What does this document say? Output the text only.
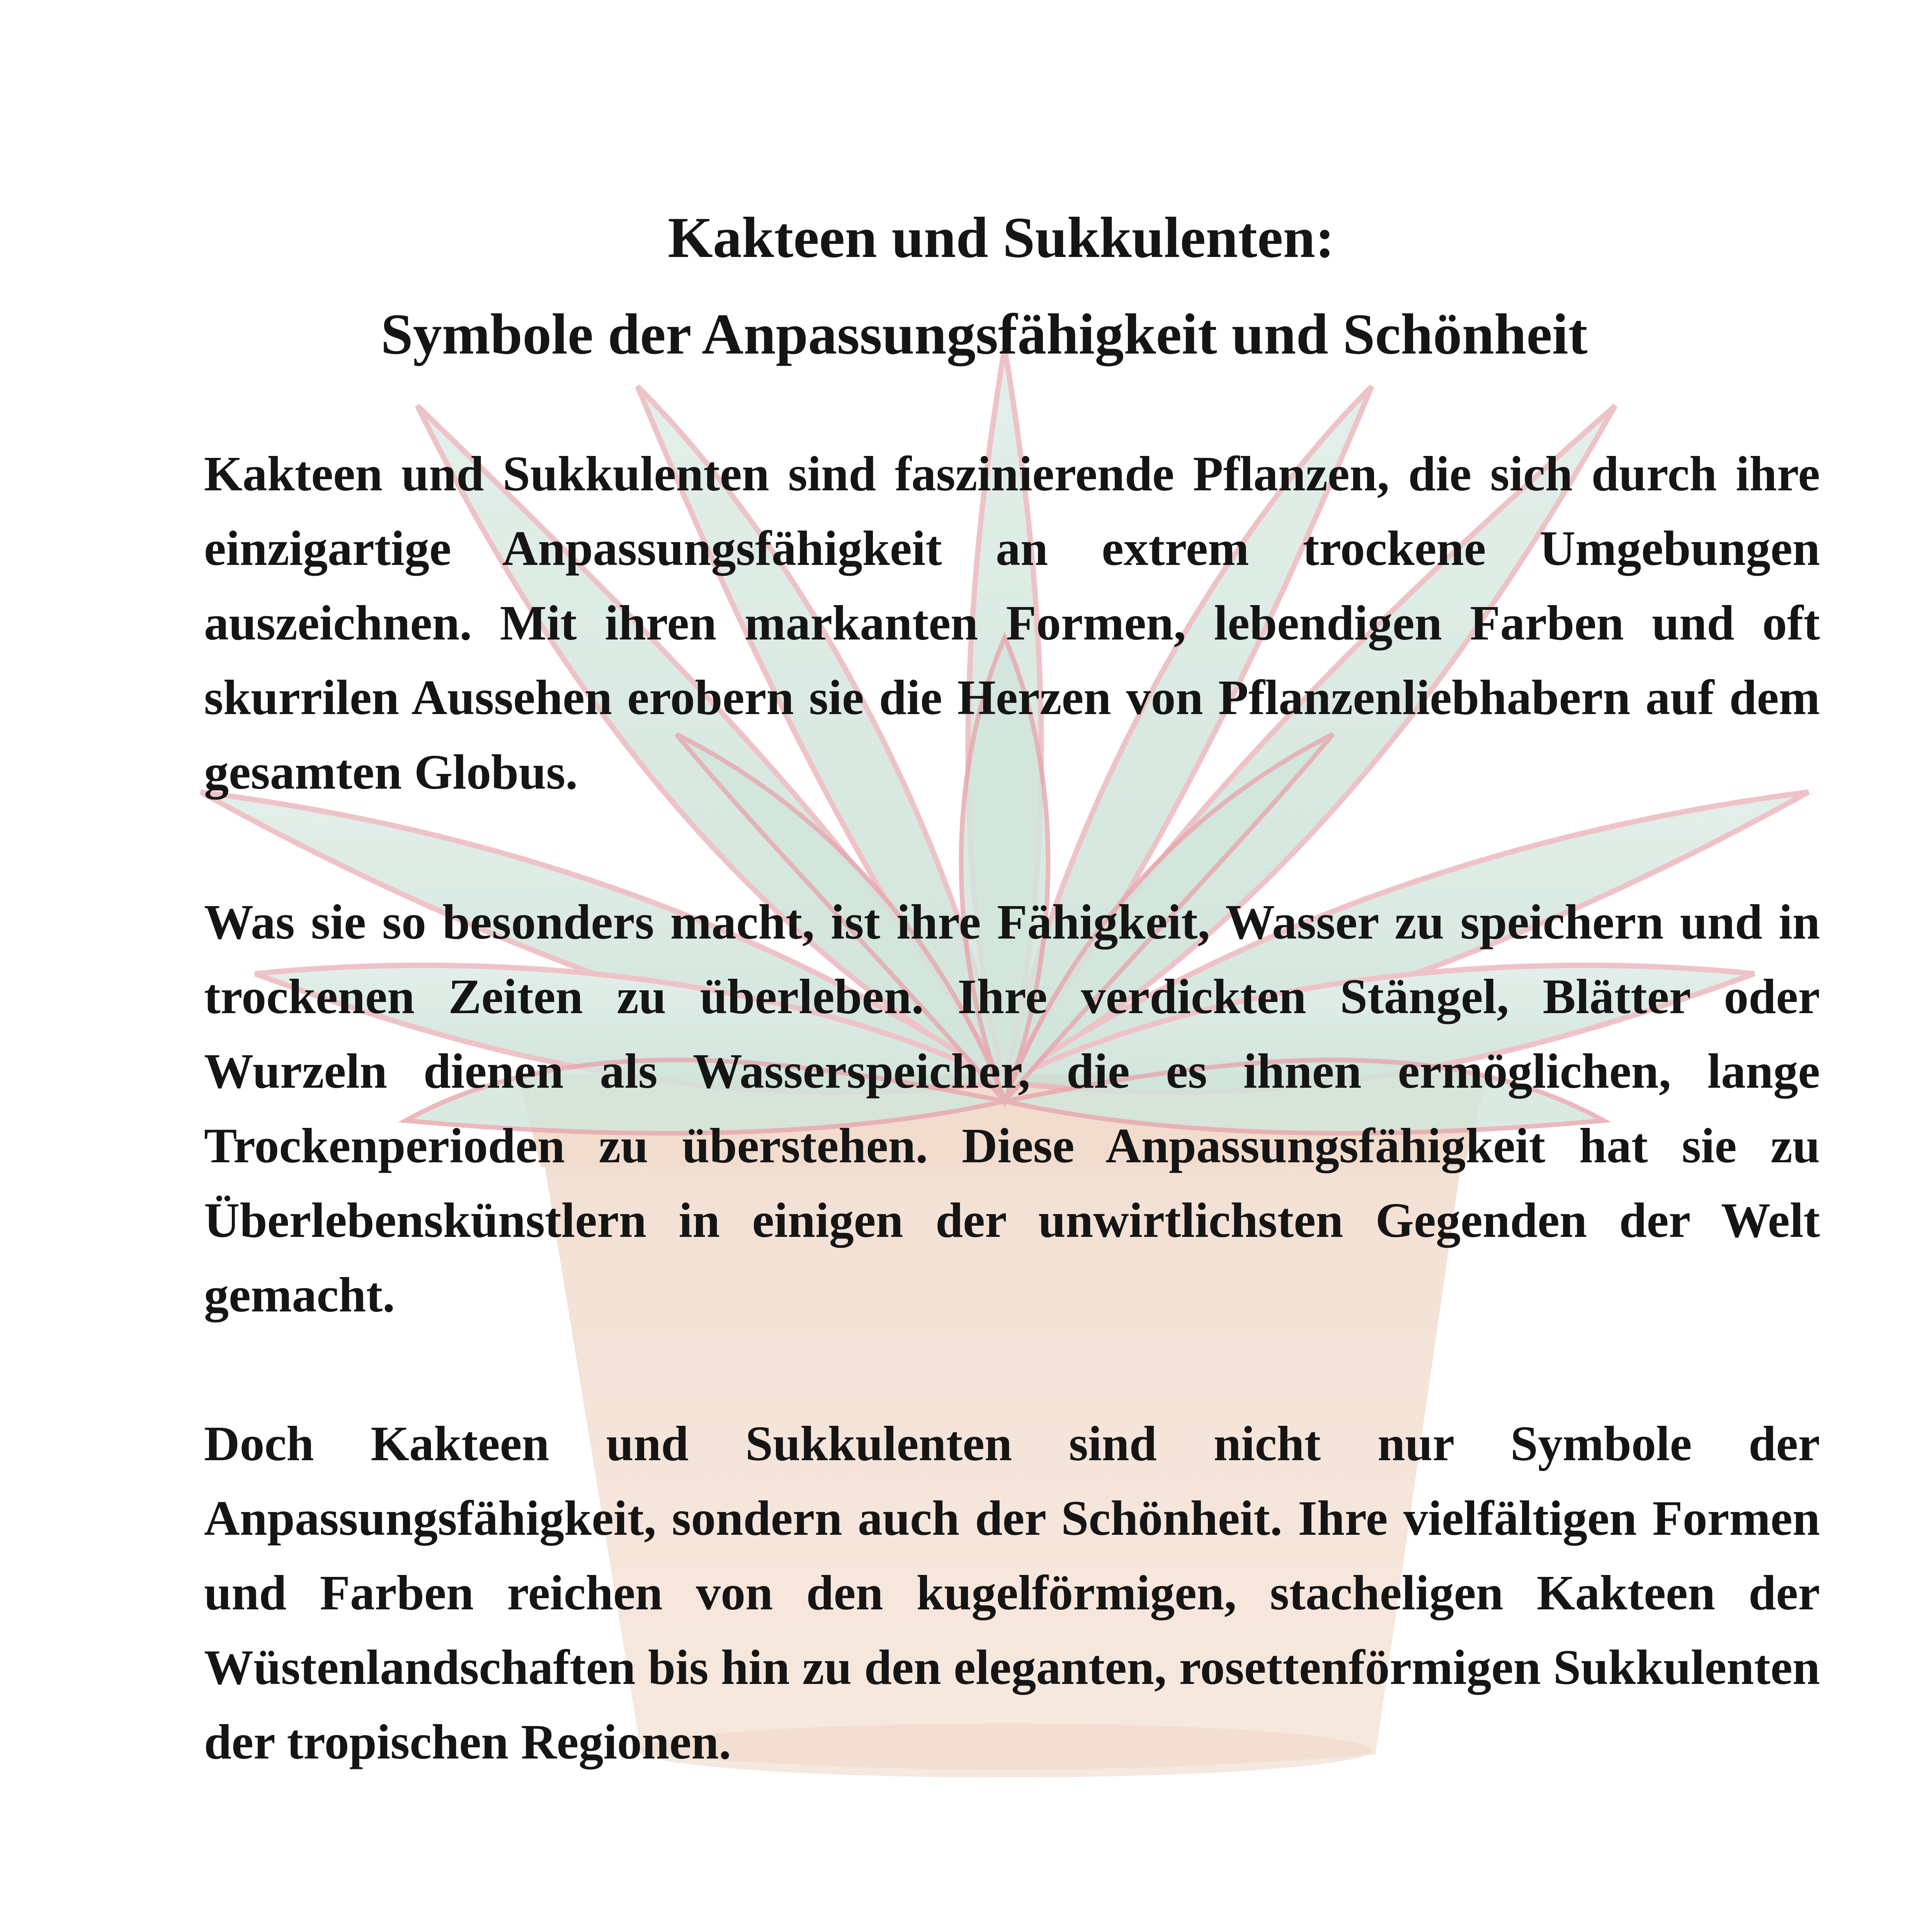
Kakteen und Sukkulenten:
Symbole der Anpassungsfähigkeit und Schönheit

Kakteen und Sukkulenten sind faszinierende Pflanzen, die sich durch ihre einzigartige Anpassungsfähigkeit an extrem trockene Umgebungen auszeichnen. Mit ihren markanten Formen, lebendigen Farben und oft skurrilen Aussehen erobern sie die Herzen von Pflanzenliebhabern auf dem gesamten Globus.

Was sie so besonders macht, ist ihre Fähigkeit, Wasser zu speichern und in trockenen Zeiten zu überleben. Ihre verdickten Stängel, Blätter oder Wurzeln dienen als Wasserspeicher, die es ihnen ermöglichen, lange Trockenperioden zu überstehen. Diese Anpassungsfähigkeit hat sie zu Überlebenskünstlern in einigen der unwirtlichsten Gegenden der Welt gemacht.

Doch Kakteen und Sukkulenten sind nicht nur Symbole der Anpassungsfähigkeit, sondern auch der Schönheit. Ihre vielfältigen Formen und Farben reichen von den kugelförmigen, stacheligen Kakteen der Wüstenlandschaften bis hin zu den eleganten, rosettenförmigen Sukkulenten der tropischen Regionen.
